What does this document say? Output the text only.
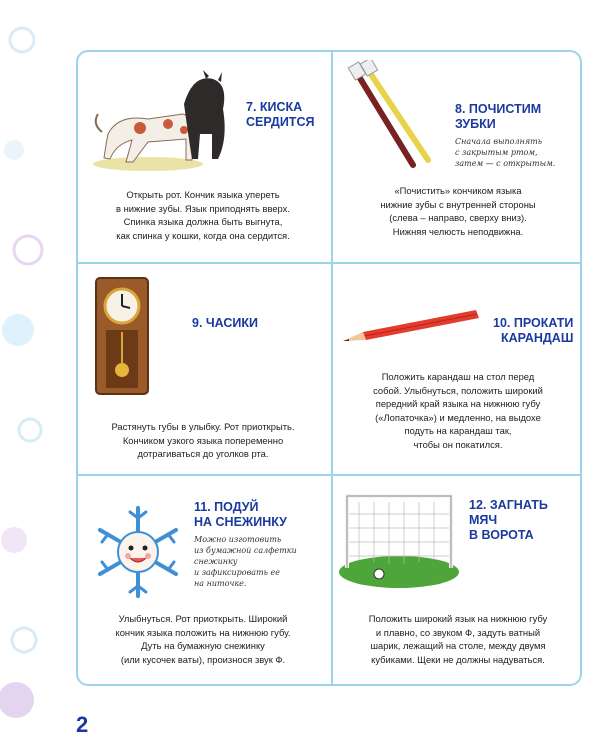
7. КИСКА
СЕРДИТСЯ
Открыть рот. Кончик языка упереть
в нижние зубы. Язык приподнять вверх.
Спинка языка должна быть выгнута,
как спинка у кошки, когда она сердится.
8. ПОЧИСТИМ
ЗУБКИ
Сначала выполнять
с закрытым ртом,
затем — с открытым.
«Почистить» кончиком языка
нижние зубы с внутренней стороны
(слева – направо, сверху вниз).
Нижняя челюсть неподвижна.
9. ЧАСИКИ
Растянуть губы в улыбку. Рот приоткрыть.
Кончиком узкого языка попеременно
дотрагиваться до уголков рта.
10. ПРОКАТИ
КАРАНДАШ
Положить карандаш на стол перед
собой. Улыбнуться, положить широкий
передний край языка на нижнюю губу
(«Лопаточка») и медленно, на выдохе
подуть на карандаш так,
чтобы он покатился.
11. ПОДУЙ
НА СНЕЖИНКУ
Можно изготовить
из бумажной салфетки
снежинку
и зафиксировать ее
на ниточке.
Улыбнуться. Рот приоткрыть. Широкий
кончик языка положить на нижнюю губу.
Дуть на бумажную снежинку
(или кусочек ваты), произнося звук Ф.
12. ЗАГНАТЬ
МЯЧ
В ВОРОТА
Положить широкий язык на нижнюю губу
и плавно, со звуком Ф, задуть ватный
шарик, лежащий на столе, между двумя
кубиками. Щеки не должны надуваться.
2
